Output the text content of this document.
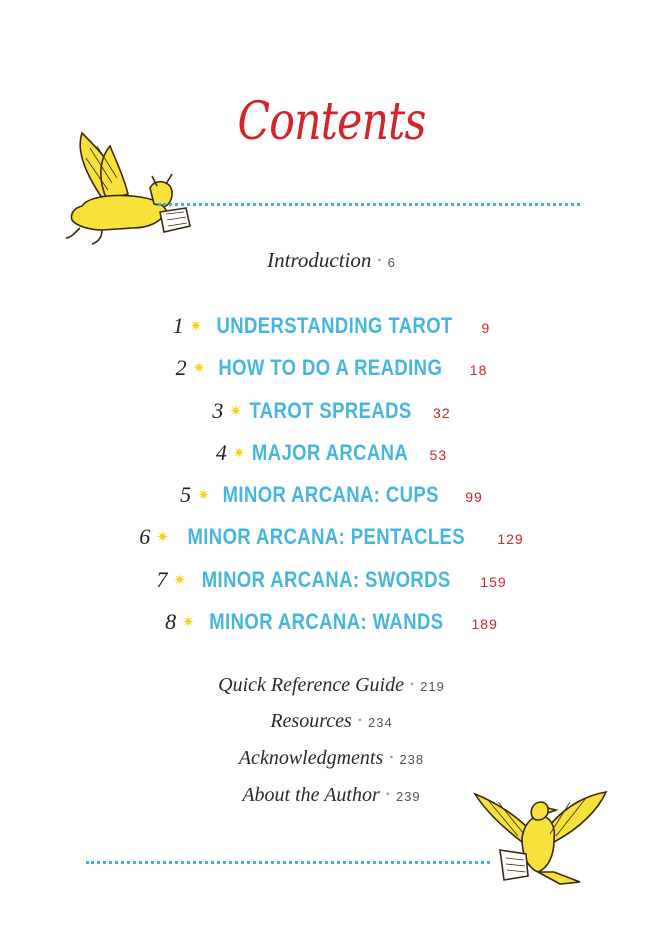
Contents
Introduction • 6
1 ✷ UNDERSTANDING TAROT 9
2 ✷ HOW TO DO A READING 18
3 ✷ TAROT SPREADS 32
4 ✷ MAJOR ARCANA 53
5 ✷ MINOR ARCANA: CUPS 99
6 ✷ MINOR ARCANA: PENTACLES 129
7 ✷ MINOR ARCANA: SWORDS 159
8 ✷ MINOR ARCANA: WANDS 189
Quick Reference Guide • 219
Resources • 234
Acknowledgments • 238
About the Author • 239
